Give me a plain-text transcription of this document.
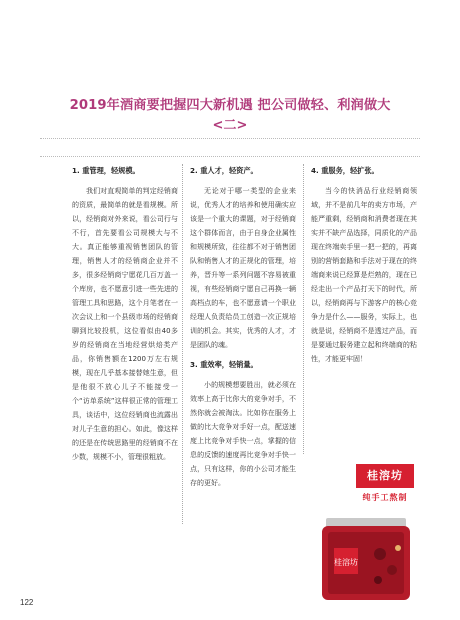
2019年酒商要把握四大新机遇 把公司做轻、利润做大
<二>
1. 重管理，轻规模。

我们对直观简单的判定经销商的资质，最简单的就是看规模。所以，经销商对外来说，看公司行与不行，首先要看公司规模大与不大。真正能够重视销售团队的管理，销售人才的经销商企业并不多，很多经销商宁愿花几百万盖一个库房，也不愿意引进一些先进的管理工具和思路，这个月笔者在一次会议上和一个县级市场的经销商聊到比较投机，这位看似由40多岁的经销商在当地经营烘焙类产品，你销售额在1200万左右规模，现在几乎基本接替她生意，但是他很不放心儿子不能接受一个“访单系统”这样很正常的管理工具，谈话中，这位经销商也流露出对儿子生意的担心。如此，像这样的还是在传统思路里的经销商不在少数，规模不小，管理很粗放。

2. 重人才，轻资产。

无论对于哪一类型的企业来说，优秀人才的培养和使用确实应该是一个重大的课题，对于经销商这个群体而言，由于自身企业属性和规模所致，往往都不对于销售团队和销售人才的正规化的管理，培养，晋升等一系列问题不容易被重视，有些经销商宁愿自己再换一辆高档点的车，也不愿意请一个职业经理人负责给员工创造一次正规培训的机会。其实，优秀的人才，才是团队的魂。

3. 重效率，轻销量。

小的规模想要胜出，就必须在效率上高于比你大的竞争对手，不然你就会被淘汰。比如你在服务上做的比大竞争对手好一点，配送速度上比竞争对手快一点，掌握的信息的反馈的速度再比竞争对手快一点，只有这样，你的小公司才能生存的更好。

4. 重服务，轻扩张。

当今的快消品行业经销商领域，并不是前几年的卖方市场，产能严重剩，经销商和消费者现在其实并不缺产品选择，同质化的产品现在终端卖手里一把一把的，再离别的营销套路和手法对于现在的终端商来说已经算是烂熟的，现在已经走出一个产品打天下的时代，所以，经销商再与下游客户的核心竞争力是什么——服务，实际上，也就是说，经销商不是透过产品，而是要通过服务建立起和终端商的粘性，才能更牢固！

桂溶坊
纯手工熬制
桂溶坊
122
